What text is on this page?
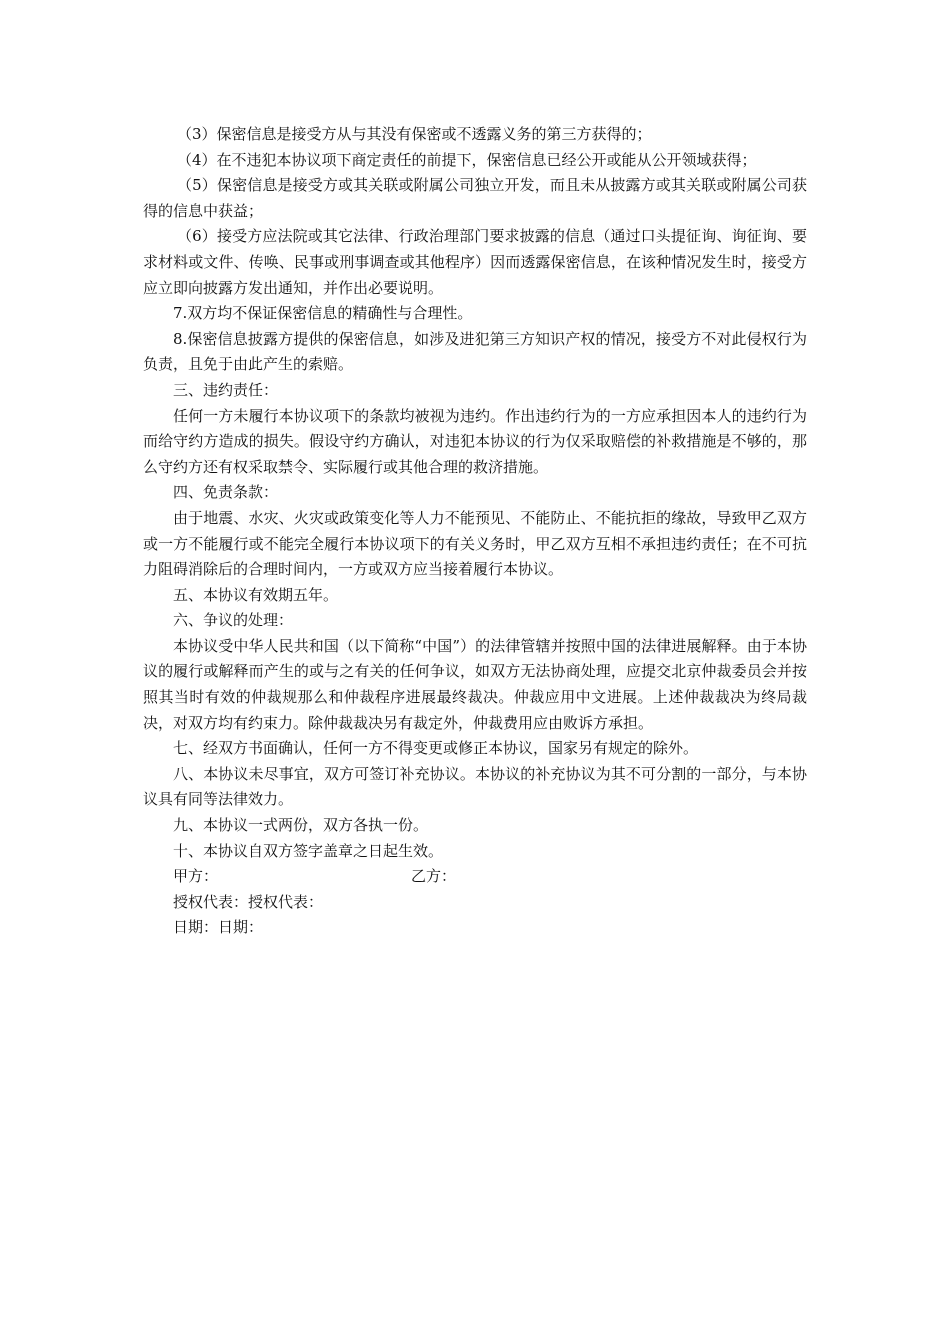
（3）保密信息是接受方从与其没有保密或不透露义务的第三方获得的；

（4）在不违犯本协议项下商定责任的前提下，保密信息已经公开或能从公开领域获得；

（5）保密信息是接受方或其关联或附属公司独立开发，而且未从披露方或其关联或附属公司获得的信息中获益；

（6）接受方应法院或其它法律、行政治理部门要求披露的信息（通过口头提征询、询征询、要求材料或文件、传唤、民事或刑事调查或其他程序）因而透露保密信息，在该种情况发生时，接受方应立即向披露方发出通知，并作出必要说明。

7.双方均不保证保密信息的精确性与合理性。

8.保密信息披露方提供的保密信息，如涉及进犯第三方知识产权的情况，接受方不对此侵权行为负责，且免于由此产生的索赔。

三、违约责任：

任何一方未履行本协议项下的条款均被视为违约。作出违约行为的一方应承担因本人的违约行为而给守约方造成的损失。假设守约方确认，对违犯本协议的行为仅采取赔偿的补救措施是不够的，那么守约方还有权采取禁令、实际履行或其他合理的救济措施。

四、免责条款：

由于地震、水灾、火灾或政策变化等人力不能预见、不能防止、不能抗拒的缘故，导致甲乙双方或一方不能履行或不能完全履行本协议项下的有关义务时，甲乙双方互相不承担违约责任；在不可抗力阻碍消除后的合理时间内，一方或双方应当接着履行本协议。

五、本协议有效期五年。

六、争议的处理：

本协议受中华人民共和国（以下简称“中国”）的法律管辖并按照中国的法律进展解释。由于本协议的履行或解释而产生的或与之有关的任何争议，如双方无法协商处理，应提交北京仲裁委员会并按照其当时有效的仲裁规那么和仲裁程序进展最终裁决。仲裁应用中文进展。上述仲裁裁决为终局裁决，对双方均有约束力。除仲裁裁决另有裁定外，仲裁费用应由败诉方承担。

七、经双方书面确认，任何一方不得变更或修正本协议，国家另有规定的除外。

八、本协议未尽事宜，双方可签订补充协议。本协议的补充协议为其不可分割的一部分，与本协议具有同等法律效力。

九、本协议一式两份，双方各执一份。

十、本协议自双方签字盖章之日起生效。

甲方：	乙方：
授权代表：授权代表：
日期：日期：
